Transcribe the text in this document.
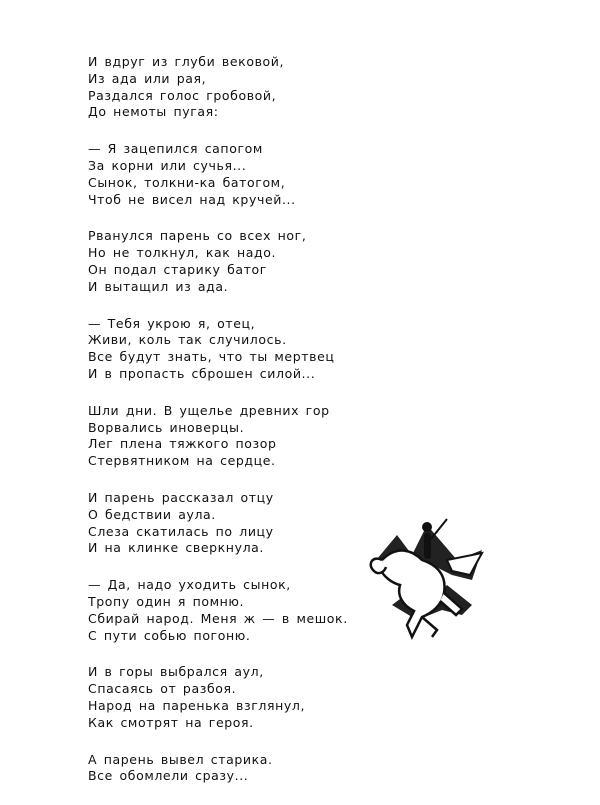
И вдруг из глуби вековой,
Из ада или рая,
Раздался голос гробовой,
До немоты пугая:
— Я зацепился сапогом
За корни или сучья...
Сынок, толкни-ка батогом,
Чтоб не висел над кручей...
Рванулся парень со всех ног,
Но не толкнул, как надо.
Он подал старику батог
И вытащил из ада.
— Тебя укрою я, отец,
Живи, коль так случилось.
Все будут знать, что ты мертвец
И в пропасть сброшен силой...
Шли дни. В ущелье древних гор
Ворвались иноверцы.
Лег плена тяжкого позор
Стервятником на сердце.
И парень рассказал отцу
О бедствии аула.
Слеза скатилась по лицу
И на клинке сверкнула.
— Да, надо уходить сынок,
Тропу один я помню.
Сбирай народ. Меня ж — в мешок.
С пути собью погоню.
И в горы выбрался аул,
Спасаясь от разбоя.
Народ на паренька взглянул,
Как смотрят на героя.
А парень вывел старика.
Все обомлели сразу...
